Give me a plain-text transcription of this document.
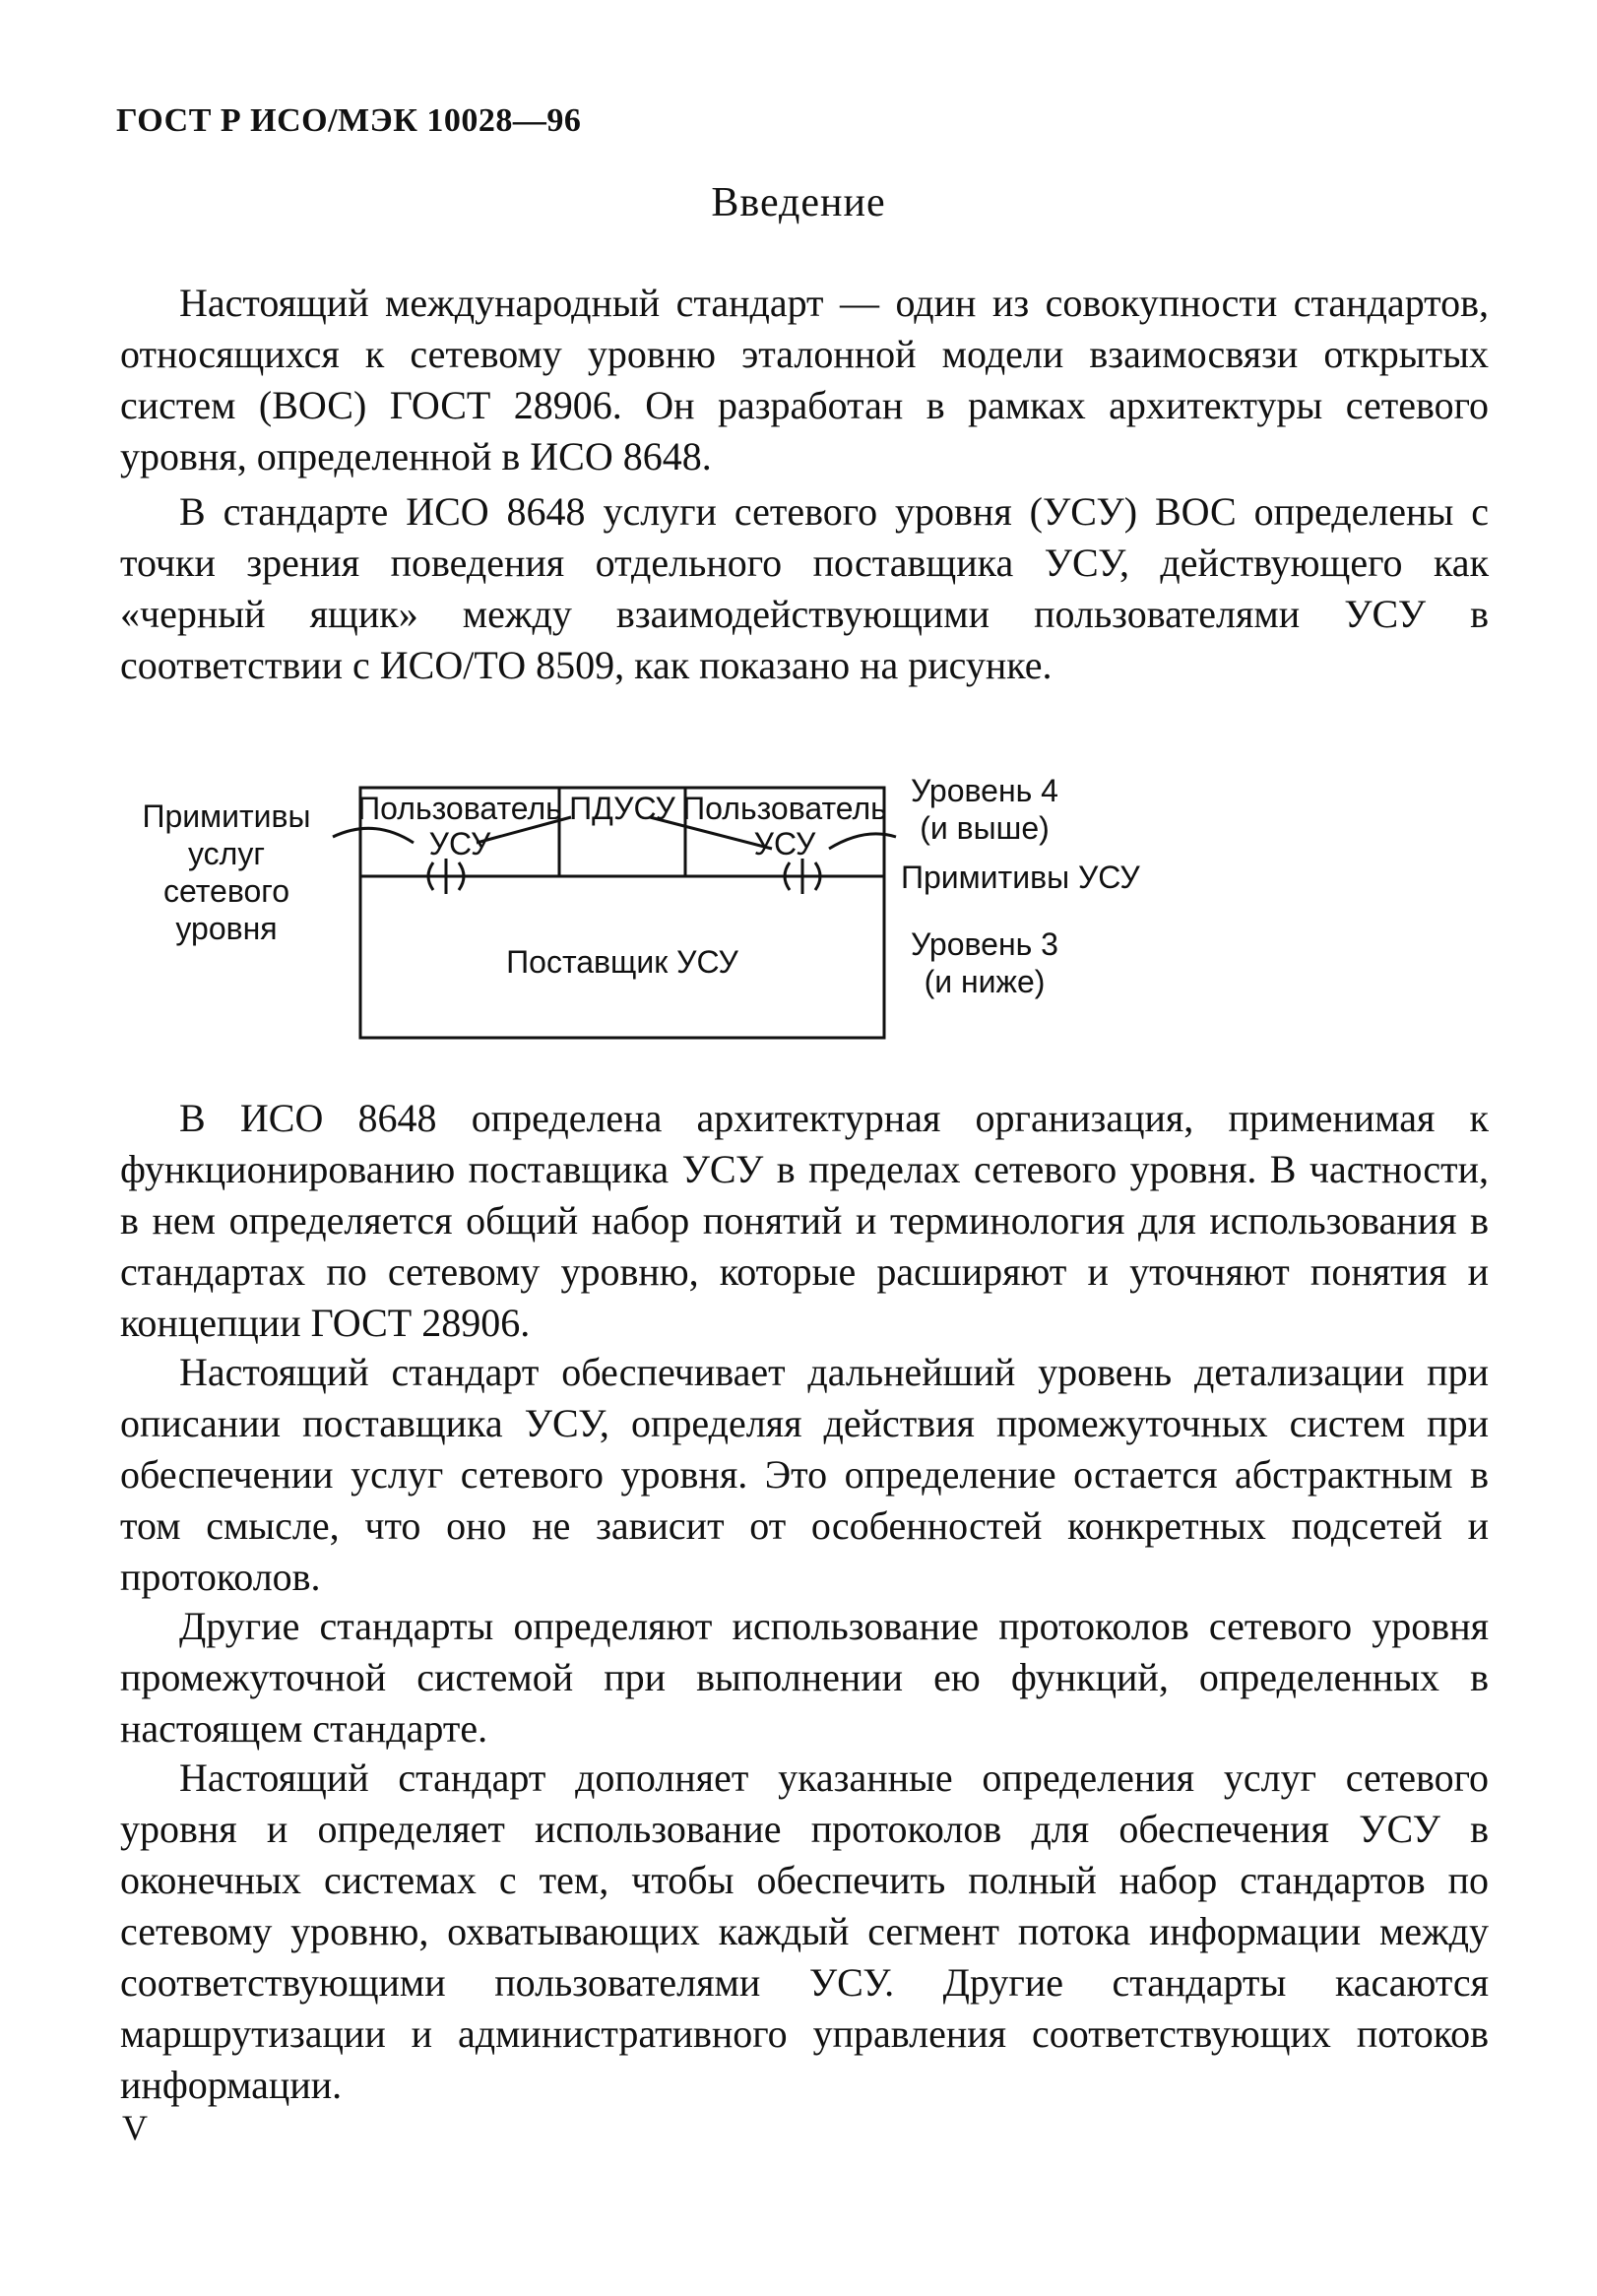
ГОСТ Р ИСО/МЭК 10028—96
Введение

Настоящий международный стандарт — один из совокупности стандартов, относящихся к сетевому уровню эталонной модели взаимосвязи открытых систем (ВОС) ГОСТ 28906. Он разработан в рамках архитектуры сетевого уровня, определенной в ИСО 8648.

В стандарте ИСО 8648 услуги сетевого уровня (УСУ) ВОС определены с точки зрения поведения отдельного поставщика УСУ, действующего как «черный ящик» между взаимодействующими пользователями УСУ в соответствии с ИСО/ТО 8509, как показано на рисунке.

Примитивы
услуг
сетевого
уровня
Пользователь
УСУ
Пользователь
УСУ
ПДУСУ
Поставщик УСУ
Уровень 4
(и выше)
Примитивы УСУ
Уровень 3
(и ниже)

В ИСО 8648 определена архитектурная организация, применимая к функционированию поставщика УСУ в пределах сетевого уровня. В частности, в нем определяется общий набор понятий и терминология для использования в стандартах по сетевому уровню, которые расширяют и уточняют понятия и концепции ГОСТ 28906.

Настоящий стандарт обеспечивает дальнейший уровень детализации при описании поставщика УСУ, определяя действия промежуточных систем при обеспечении услуг сетевого уровня. Это определение остается абстрактным в том смысле, что оно не зависит от особенностей конкретных подсетей и протоколов.

Другие стандарты определяют использование протоколов сетевого уровня промежуточной системой при выполнении ею функций, определенных в настоящем стандарте.

Настоящий стандарт дополняет указанные определения услуг сетевого уровня и определяет использование протоколов для обеспечения УСУ в оконечных системах с тем, чтобы обеспечить полный набор стандартов по сетевому уровню, охватывающих каждый сегмент потока информации между соответствующими пользователями УСУ. Другие стандарты касаются маршрутизации и административного управления соответствующих потоков информации.

V
